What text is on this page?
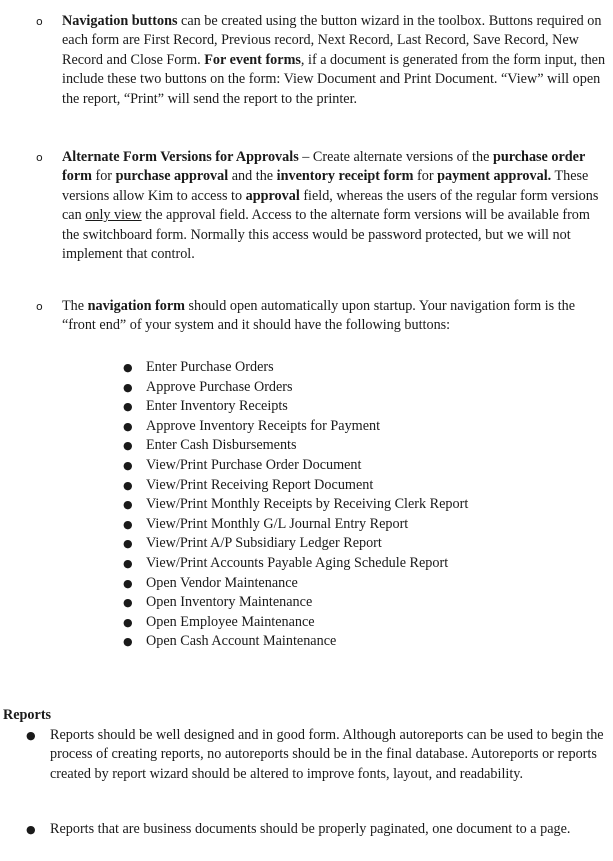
o Navigation buttons can be created using the button wizard in the toolbox. Buttons required on each form are First Record, Previous record, Next Record, Last Record, Save Record, New Record and Close Form. For event forms, if a document is generated from the form input, then include these two buttons on the form: View Document and Print Document. “View” will open the report, “Print” will send the report to the printer.

o Alternate Form Versions for Approvals – Create alternate versions of the purchase order form for purchase approval and the inventory receipt form for payment approval. These versions allow Kim to access to approval field, whereas the users of the regular form versions can only view the approval field. Access to the alternate form versions will be available from the switchboard form. Normally this access would be password protected, but we will not implement that control.

o The navigation form should open automatically upon startup. Your navigation form is the “front end” of your system and it should have the following buttons:

● Enter Purchase Orders
● Approve Purchase Orders
● Enter Inventory Receipts
● Approve Inventory Receipts for Payment
● Enter Cash Disbursements
● View/Print Purchase Order Document
● View/Print Receiving Report Document
● View/Print Monthly Receipts by Receiving Clerk Report
● View/Print Monthly G/L Journal Entry Report
● View/Print A/P Subsidiary Ledger Report
● View/Print Accounts Payable Aging Schedule Report
● Open Vendor Maintenance
● Open Inventory Maintenance
● Open Employee Maintenance
● Open Cash Account Maintenance
Reports
● Reports should be well designed and in good form. Although autoreports can be used to begin the process of creating reports, no autoreports should be in the final database. Autoreports or reports created by report wizard should be altered to improve fonts, layout, and readability.

● Reports that are business documents should be properly paginated, one document to a page.
